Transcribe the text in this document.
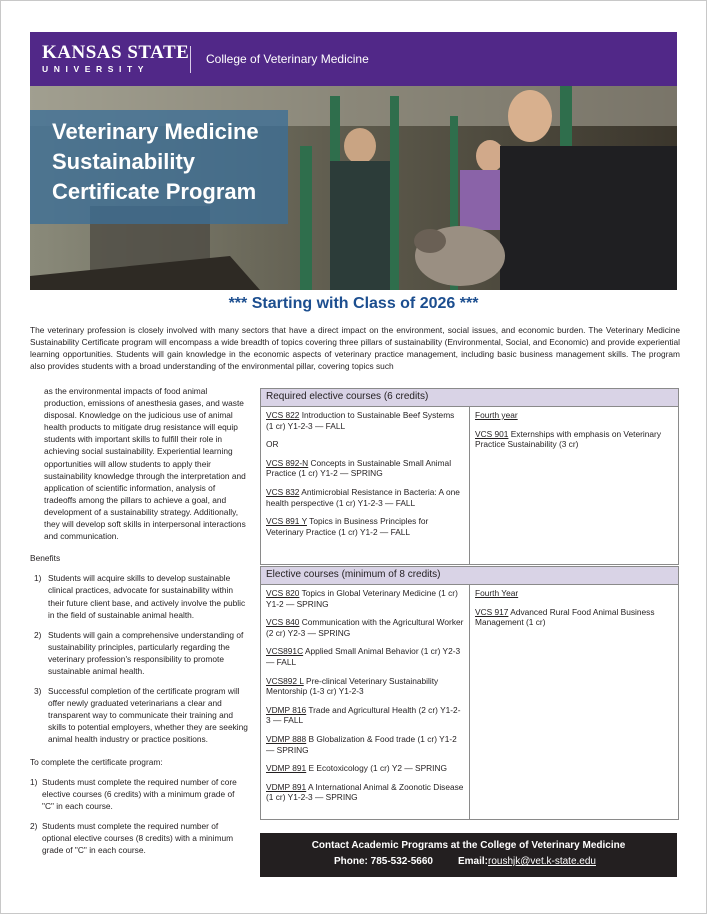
KANSAS STATE
UNIVERSITY
College of Veterinary Medicine
Veterinary Medicine
Sustainability
Certificate Program
*** Starting with Class of 2026 ***
The veterinary profession is closely involved with many sectors that have a direct impact on the environment, social issues, and economic burden. The Veterinary Medicine Sustainability Certificate program will encompass a wide breadth of topics covering three pillars of sustainability (Environmental, Social, and Economic) and provide experiential learning opportunities. Students will gain knowledge in the economic aspects of veterinary practice management, including basic business management skills. The program also provides students with a broad understanding of the environmental pillar, covering topics such

as the environmental impacts of food animal production, emissions of anesthesia gases, and waste disposal. Knowledge on the judicious use of animal health products to mitigate drug resistance will equip students with important skills to fulfill their role in achieving social sustainability. Experiential learning opportunities will allow students to apply their sustainability knowledge through the interpretation and application of scientific information, analysis of tradeoffs among the pillars to achieve a goal, and development of a sustainability strategy. Additionally, they will develop soft skills in interpersonal interactions and communication.

Benefits

1) Students will acquire skills to develop sustainable clinical practices, advocate for sustainability within their future client base, and actively involve the public in the field of sustainable animal health.
2) Students will gain a comprehensive understanding of sustainability principles, particularly regarding the veterinary profession's responsibility to promote sustainable animal health.
3) Successful completion of the certificate program will offer newly graduated veterinarians a clear and transparent way to communicate their training and skills to potential employers, whether they are seeking animal health industry or practice positions.

To complete the certificate program:

1) Students must complete the required number of core elective courses (6 credits) with a minimum grade of "C" in each course.
2) Students must complete the required number of optional elective courses (8 credits) with a minimum grade of "C" in each course.
Required elective courses (6 credits)
VCS 822 Introduction to Sustainable Beef Systems (1 cr) Y1-2-3 — FALL
OR
VCS 892-N Concepts in Sustainable Small Animal Practice (1 cr) Y1-2 — SPRING
VCS 832 Antimicrobial Resistance in Bacteria: A one health perspective (1 cr) Y1-2-3 — FALL
VCS 891 Y Topics in Business Principles for Veterinary Practice (1 cr) Y1-2 — FALL
Fourth year
VCS 901 Externships with emphasis on Veterinary Practice Sustainability (3 cr)
Elective courses (minimum of 8 credits)
VCS 820 Topics in Global Veterinary Medicine (1 cr) Y1-2 — SPRING
VCS 840 Communication with the Agricultural Worker (2 cr) Y2-3 — SPRING
VCS891C Applied Small Animal Behavior (1 cr) Y2-3 — FALL
VCS892 L Pre-clinical Veterinary Sustainability Mentorship (1-3 cr) Y1-2-3
VDMP 816 Trade and Agricultural Health (2 cr) Y1-2-3 — FALL
VDMP 888 B Globalization & Food trade (1 cr) Y1-2 — SPRING
VDMP 891 E Ecotoxicology (1 cr) Y2 — SPRING
VDMP 891 A International Animal & Zoonotic Disease (1 cr) Y1-2-3 — SPRING
Fourth Year
VCS 917 Advanced Rural Food Animal Business Management (1 cr)
Contact Academic Programs at the College of Veterinary Medicine
Phone: 785-532-5660	Email: roushjk@vet.k-state.edu
